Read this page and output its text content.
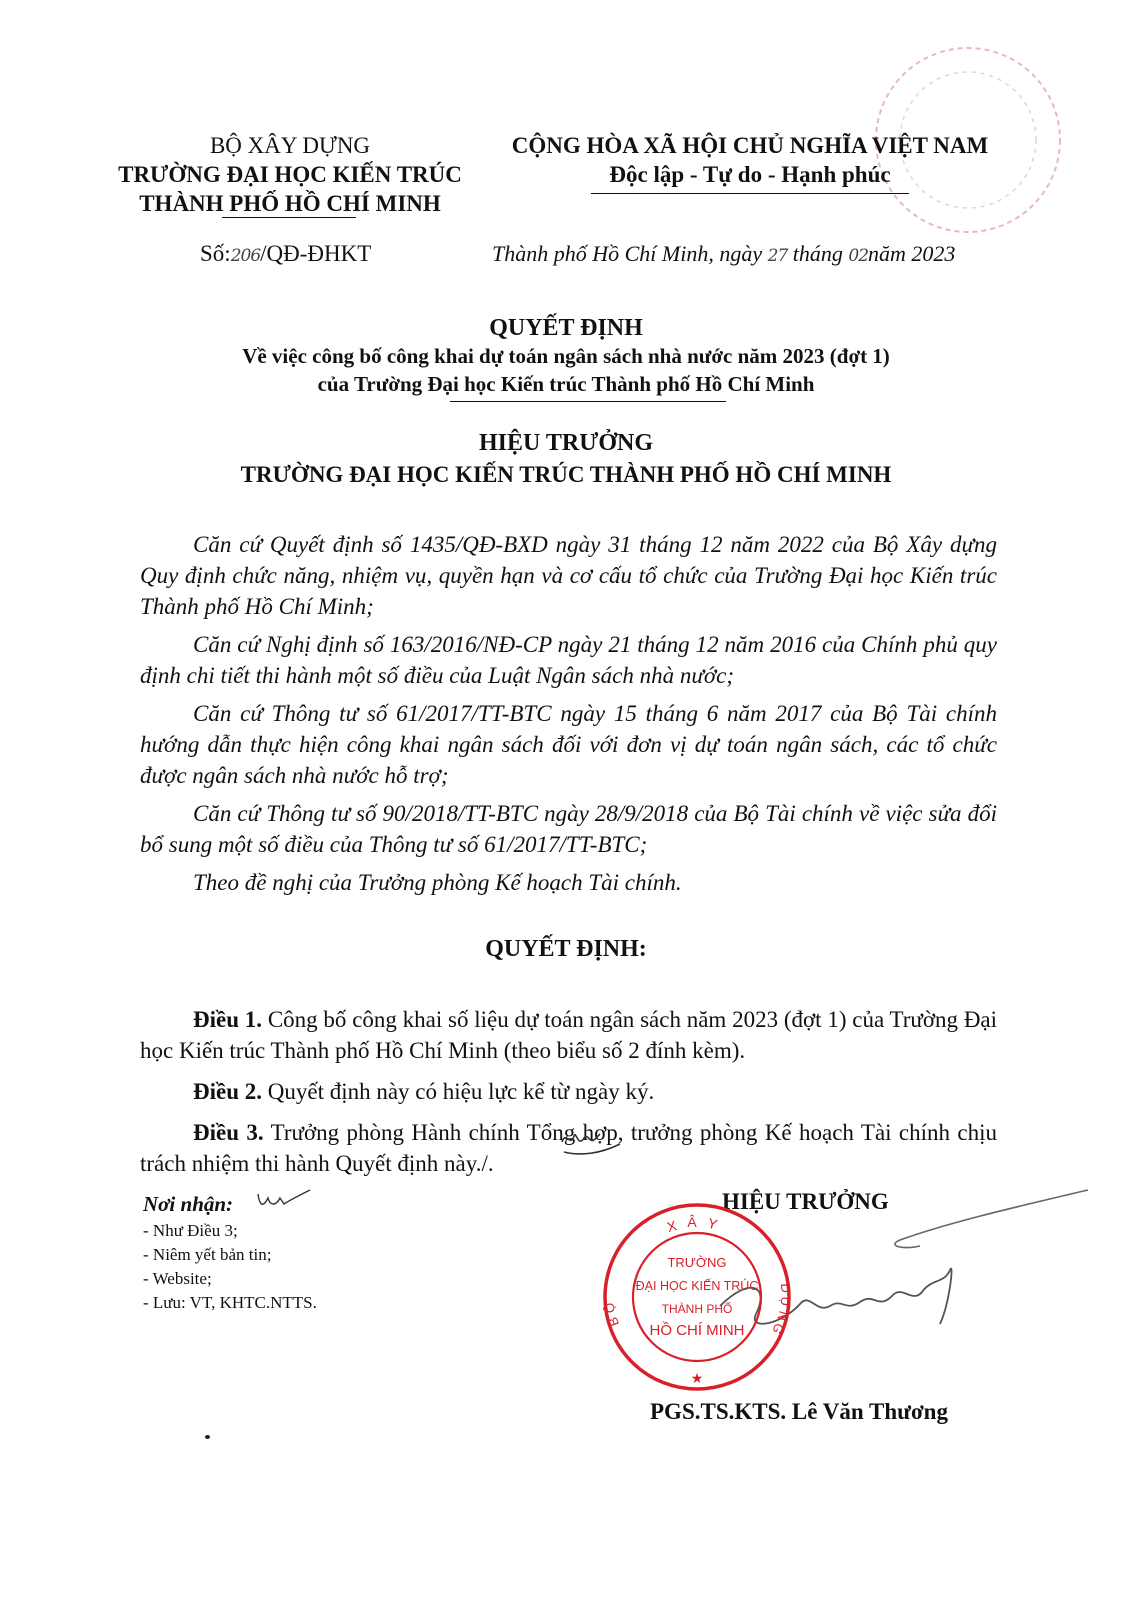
BỘ XÂY DỰNG
TRƯỜNG ĐẠI HỌC KIẾN TRÚC
THÀNH PHỐ HỒ CHÍ MINH
Số:206/QĐ-ĐHKT
CỘNG HÒA XÃ HỘI CHỦ NGHĨA VIỆT NAM
Độc lập - Tự do - Hạnh phúc
Thành phố Hồ Chí Minh, ngày 27 tháng 02năm 2023
QUYẾT ĐỊNH
Về việc công bố công khai dự toán ngân sách nhà nước năm 2023 (đợt 1)
của Trường Đại học Kiến trúc Thành phố Hồ Chí Minh
HIỆU TRƯỞNG
TRƯỜNG ĐẠI HỌC KIẾN TRÚC THÀNH PHỐ HỒ CHÍ MINH
Căn cứ Quyết định số 1435/QĐ-BXD ngày 31 tháng 12 năm 2022 của Bộ Xây dựng Quy định chức năng, nhiệm vụ, quyền hạn và cơ cấu tổ chức của Trường Đại học Kiến trúc Thành phố Hồ Chí Minh;
Căn cứ Nghị định số 163/2016/NĐ-CP ngày 21 tháng 12 năm 2016 của Chính phủ quy định chi tiết thi hành một số điều của Luật Ngân sách nhà nước;
Căn cứ Thông tư số 61/2017/TT-BTC ngày 15 tháng 6 năm 2017 của Bộ Tài chính hướng dẫn thực hiện công khai ngân sách đối với đơn vị dự toán ngân sách, các tổ chức được ngân sách nhà nước hỗ trợ;
Căn cứ Thông tư số 90/2018/TT-BTC ngày 28/9/2018 của Bộ Tài chính về việc sửa đổi bổ sung một số điều của Thông tư số 61/2017/TT-BTC;
Theo đề nghị của Trưởng phòng Kế hoạch Tài chính.
QUYẾT ĐỊNH:
Điều 1. Công bố công khai số liệu dự toán ngân sách năm 2023 (đợt 1) của Trường Đại học Kiến trúc Thành phố Hồ Chí Minh (theo biểu số 2 đính kèm).
Điều 2. Quyết định này có hiệu lực kể từ ngày ký.
Điều 3. Trưởng phòng Hành chính Tổng hợp, trưởng phòng Kế hoạch Tài chính chịu trách nhiệm thi hành Quyết định này./.
Nơi nhận:
- Như Điều 3;
- Niêm yết bản tin;
- Website;
- Lưu: VT, KHTC.NTTS.
HIỆU TRƯỞNG
XÂY
BỘ
DỰNG
TRƯỜNG
ĐẠI HỌC KIẾN TRÚC
THÀNH PHỐ
HỒ CHÍ MINH
★
PGS.TS.KTS. Lê Văn Thương
